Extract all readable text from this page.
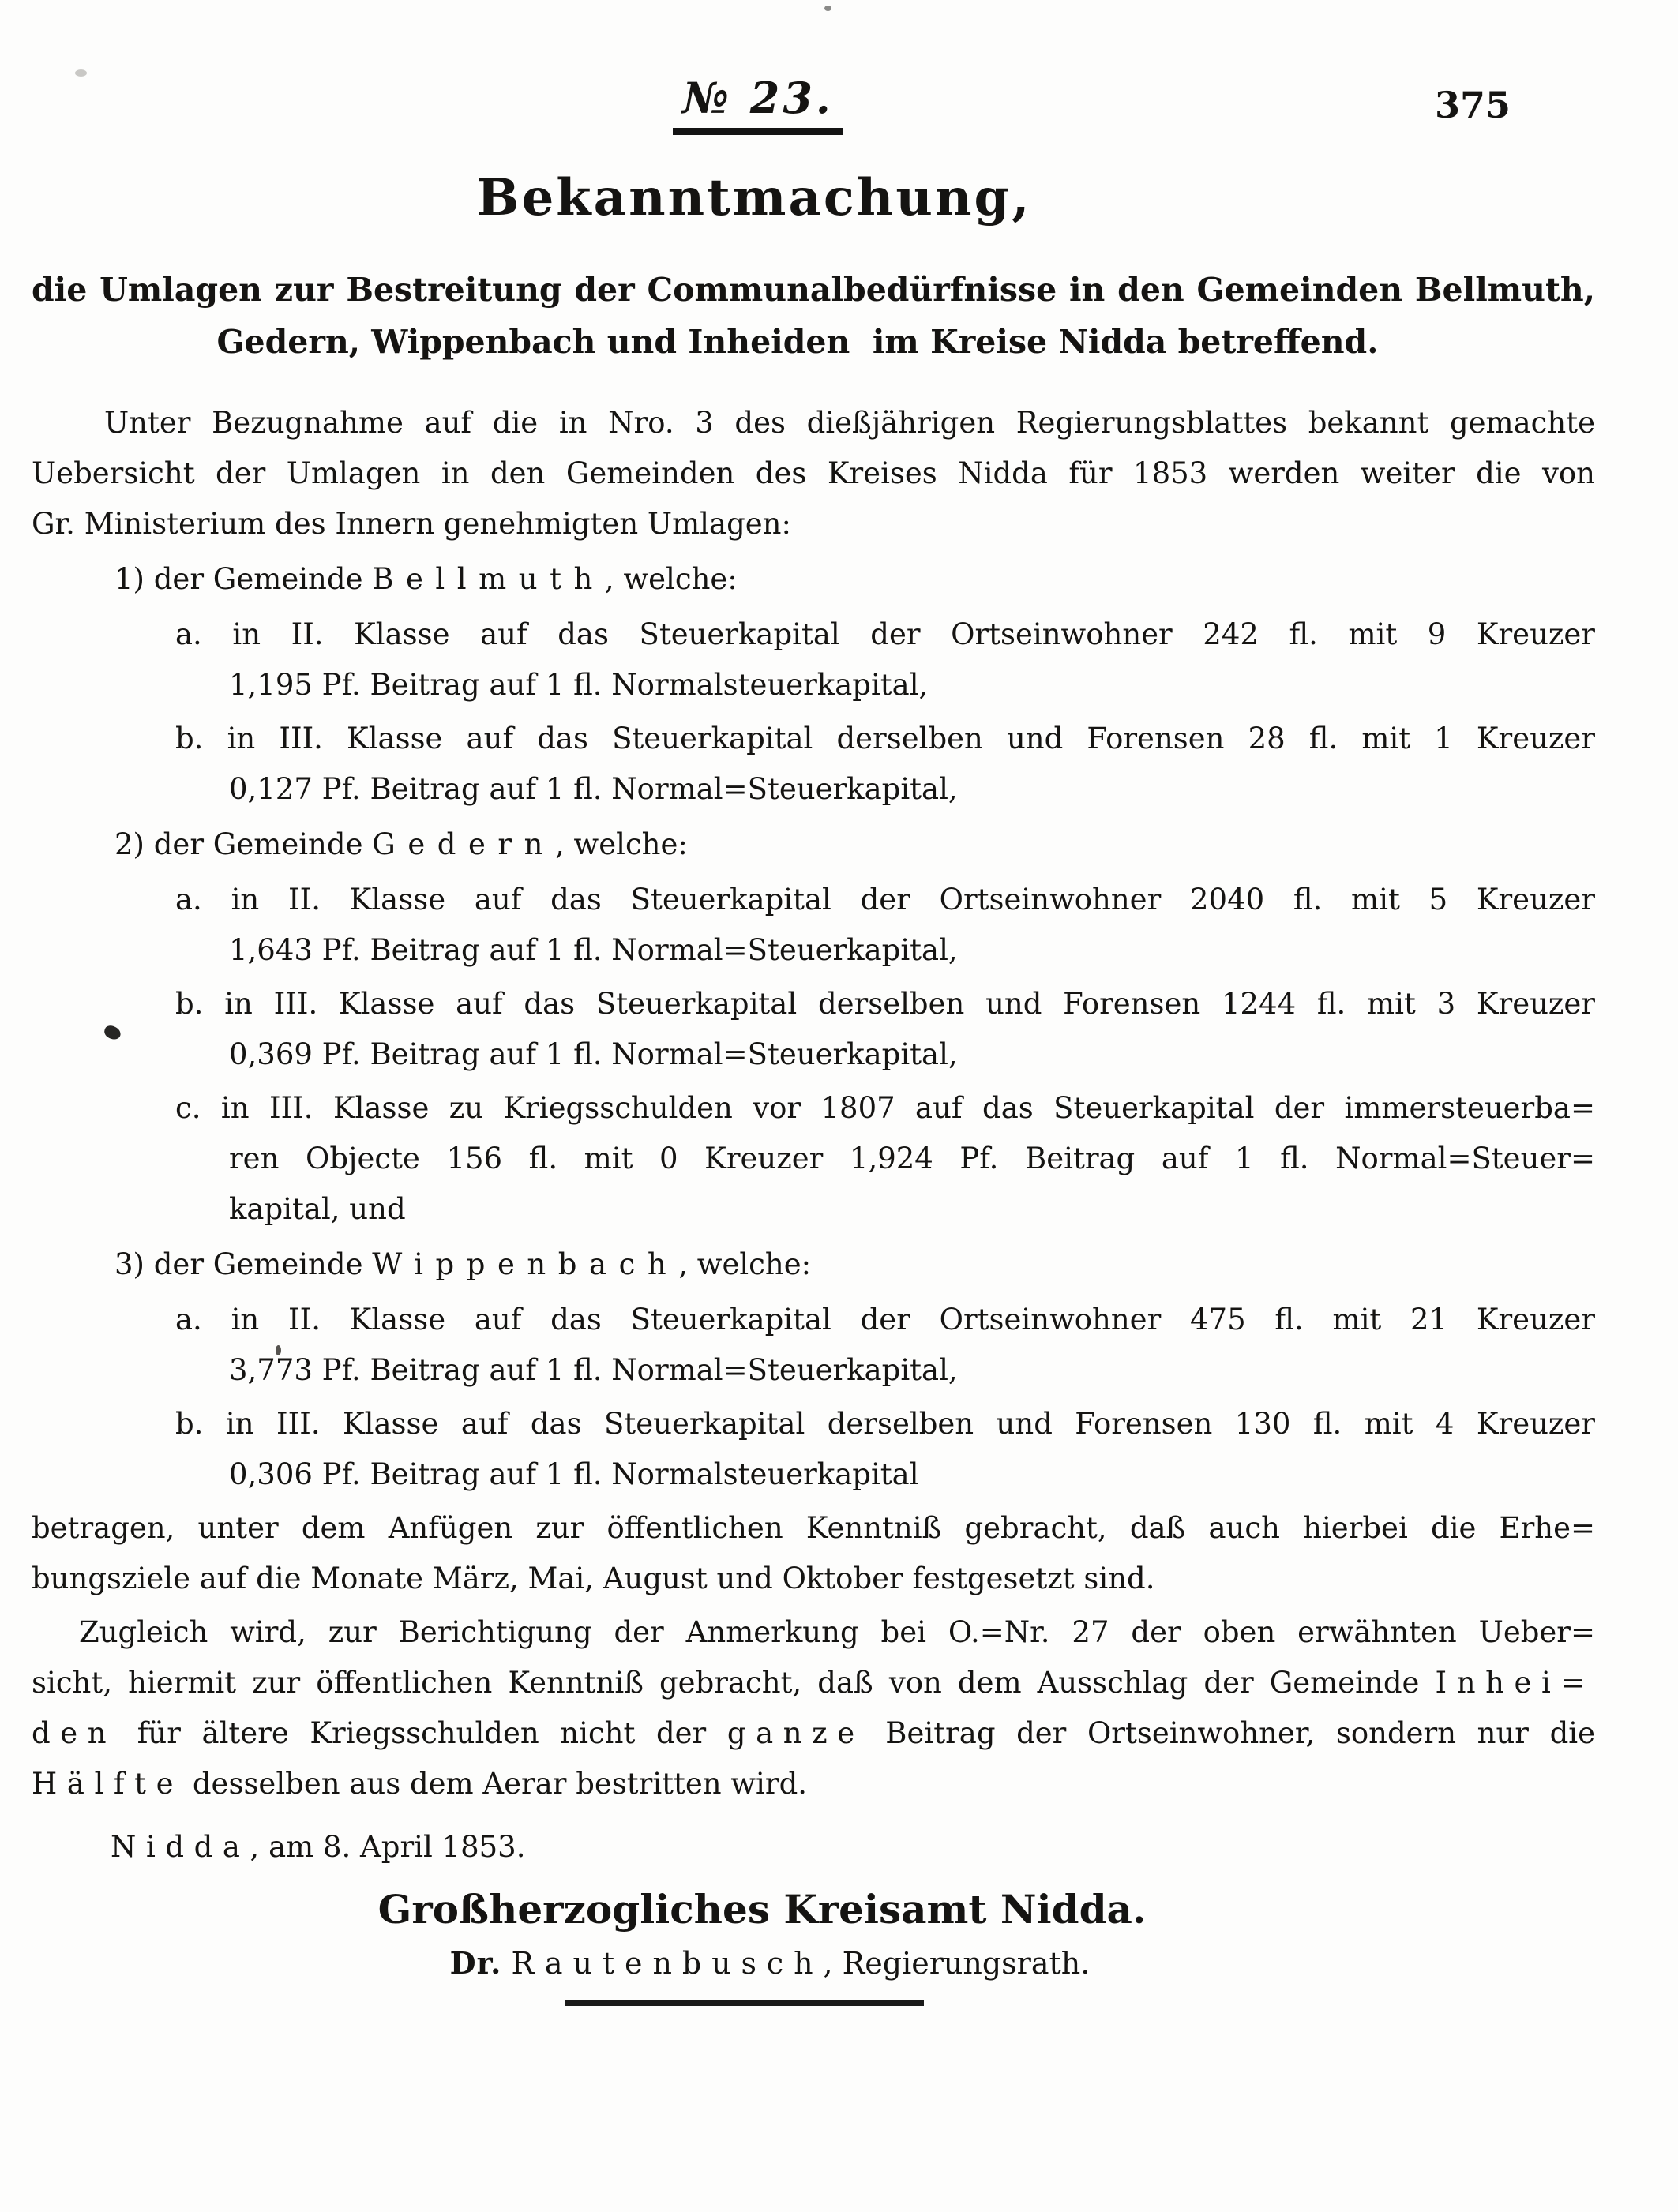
№ 23.	375
Bekanntmachung,
die Umlagen zur Bestreitung der Communalbedürfnisse in den Gemeinden Bellmuth,
Gedern, Wippenbach und Inheiden  im Kreise Nidda betreffend.
Unter Bezugnahme auf die in Nro. 3 des dießjährigen Regierungsblattes bekannt gemachte
Uebersicht der Umlagen in den Gemeinden des Kreises Nidda für 1853 werden weiter die von
Gr. Ministerium des Innern genehmigten Umlagen:
1) der Gemeinde Bellmuth, welche:
a. in II. Klasse auf das Steuerkapital der Ortseinwohner 242 fl. mit 9 Kreuzer
1,195 Pf. Beitrag auf 1 fl. Normalsteuerkapital,
b. in III. Klasse auf das Steuerkapital derselben und Forensen 28 fl. mit 1 Kreuzer
0,127 Pf. Beitrag auf 1 fl. Normal=Steuerkapital,
2) der Gemeinde Gedern, welche:
a. in II. Klasse auf das Steuerkapital der Ortseinwohner 2040 fl. mit 5 Kreuzer
1,643 Pf. Beitrag auf 1 fl. Normal=Steuerkapital,
b. in III. Klasse auf das Steuerkapital derselben und Forensen 1244 fl. mit 3 Kreuzer
0,369 Pf. Beitrag auf 1 fl. Normal=Steuerkapital,
c. in III. Klasse zu Kriegsschulden vor 1807 auf das Steuerkapital der immersteuerba=
ren Objecte 156 fl. mit 0 Kreuzer 1,924 Pf. Beitrag auf 1 fl. Normal=Steuer=
kapital, und
3) der Gemeinde Wippenbach, welche:
a. in II. Klasse auf das Steuerkapital der Ortseinwohner 475 fl. mit 21 Kreuzer
3,773 Pf. Beitrag auf 1 fl. Normal=Steuerkapital,
b. in III. Klasse auf das Steuerkapital derselben und Forensen 130 fl. mit 4 Kreuzer
0,306 Pf. Beitrag auf 1 fl. Normalsteuerkapital
betragen, unter dem Anfügen zur öffentlichen Kenntniß gebracht, daß auch hierbei die Erhe=
bungsziele auf die Monate März, Mai, August und Oktober festgesetzt sind.
Zugleich wird, zur Berichtigung der Anmerkung bei O.=Nr. 27 der oben erwähnten Ueber=
sicht, hiermit zur öffentlichen Kenntniß gebracht, daß von dem Ausschlag der Gemeinde Inhei=
den für ältere Kriegsschulden nicht der ganze Beitrag der Ortseinwohner, sondern nur die
Hälfte desselben aus dem Aerar bestritten wird.
Nidda, am 8. April 1853.
Großherzogliches Kreisamt Nidda.
Dr. Rautenbusch, Regierungsrath.
